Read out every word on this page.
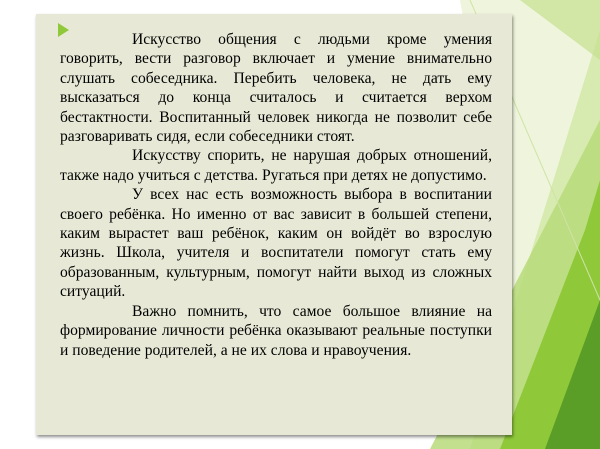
Искусство общения с людьми кроме умения говорить, вести разговор включает и умение внимательно слушать собеседника. Перебить человека, не дать ему высказаться до конца считалось и считается верхом бестактности. Воспитанный человек никогда не позволит себе разговаривать сидя, если собеседники стоят.

Искусству спорить, не нарушая добрых отношений, также надо учиться с детства. Ругаться при детях не допустимо.

У всех нас есть возможность выбора в воспитании своего ребёнка. Но именно от вас зависит в большей степени, каким вырастет ваш ребёнок, каким он войдёт во взрослую жизнь. Школа, учителя и воспитатели помогут стать ему образованным, культурным, помогут найти выход из сложных ситуаций.

Важно помнить, что самое большое влияние на формирование личности ребёнка оказывают реальные поступки и поведение родителей, а не их слова и нравоучения.
